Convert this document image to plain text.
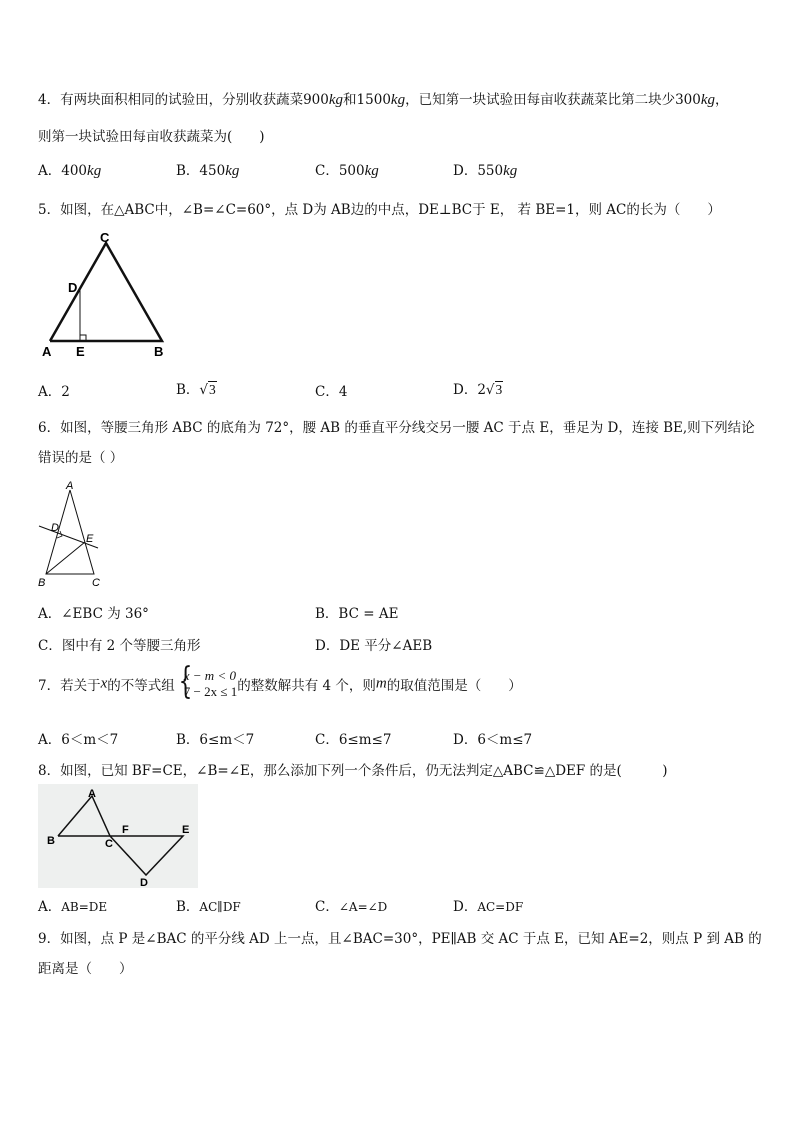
4．有两块面积相同的试验田，分别收获蔬菜900kg和1500kg，已知第一块试验田每亩收获蔬菜比第二块少300kg，
则第一块试验田每亩收获蔬菜为(　　)
A．400kg	B．450kg	C．500kg	D．550kg
5．如图，在△ABC中，∠B=∠C=60°，点 D为 AB边的中点，DE⊥BC于 E， 若 BE=1，则 AC的长为（　　）
C
D
A E	B
A．2	B．√3	C．4	D．2√3
6．如图，等腰三角形 ABC 的底角为 72°，腰 AB 的垂直平分线交另一腰 AC 于点 E，垂足为 D，连接 BE,则下列结论
错误的是（ ）
A
D
E
B	C
A．∠EBC 为 36°	B．BC = AE
C．图中有 2 个等腰三角形	D．DE 平分∠AEB
7．若关于x的不等式组 {
x − m < 0
7 − 2x ≤ 1 的整数解共有 4 个，则m的取值范围是（　　）
A．6＜m＜7	B．6≤m＜7	C．6≤m≤7	D．6＜m≤7
8．如图，已知 BF=CE，∠B=∠E，那么添加下列一个条件后，仍无法判定△ABC≌△DEF 的是(　　　)
A
B	C
F	E
D
A．AB=DE	B．AC∥DF	C．∠A=∠D	D．AC=DF
9．如图，点 P 是∠BAC 的平分线 AD 上一点，且∠BAC=30°，PE∥AB 交 AC 于点 E，已知 AE=2，则点 P 到 AB 的
距离是（　　）
